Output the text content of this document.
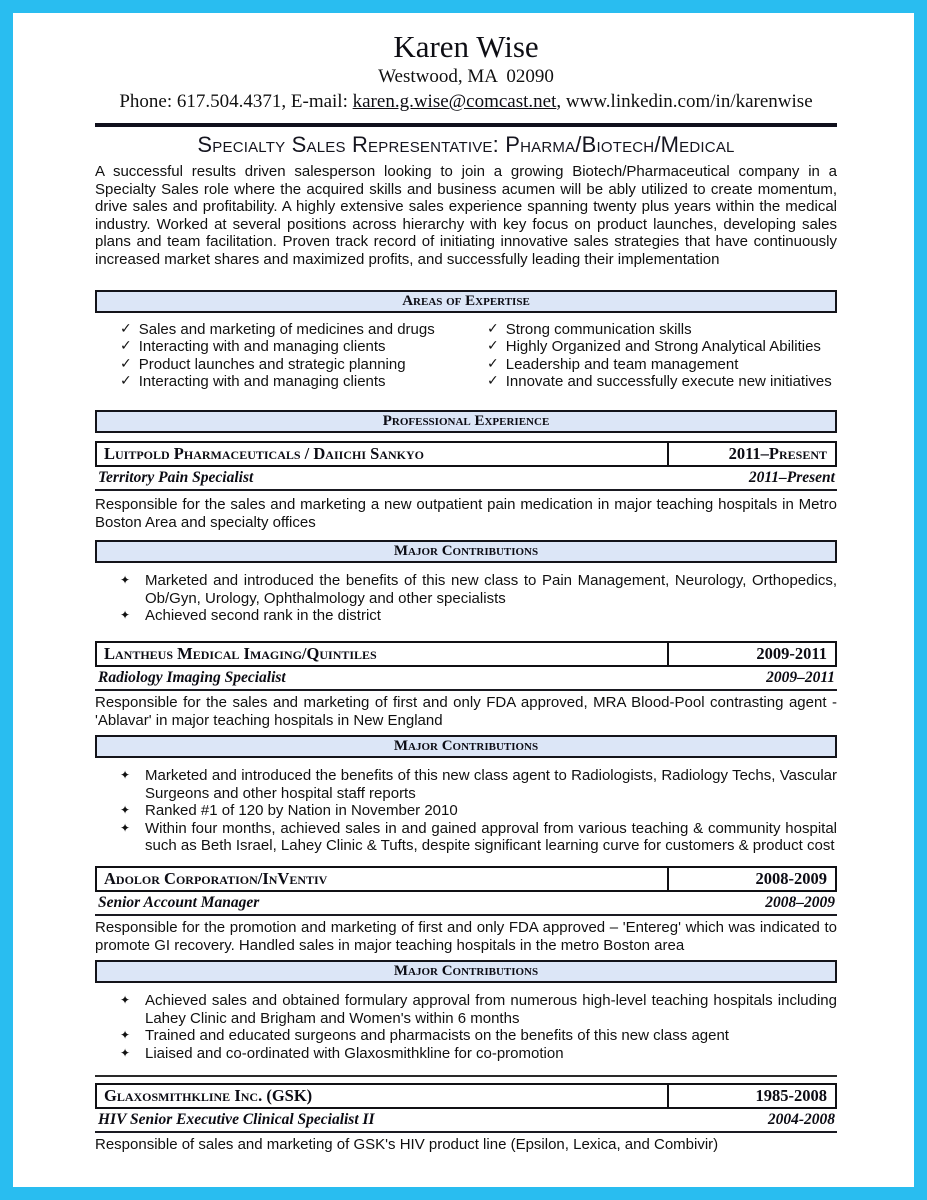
Karen Wise
Westwood, MA  02090
Phone: 617.504.4371, E-mail: karen.g.wise@comcast.net, www.linkedin.com/in/karenwise
Specialty Sales Representative: Pharma/Biotech/Medical
A successful results driven salesperson looking to join a growing Biotech/Pharmaceutical company in a Specialty Sales role where the acquired skills and business acumen will be ably utilized to create momentum, drive sales and profitability. A highly extensive sales experience spanning twenty plus years within the medical industry. Worked at several positions across hierarchy with key focus on product launches, developing sales plans and team facilitation. Proven track record of initiating innovative sales strategies that have continuously increased market shares and maximized profits, and successfully leading their implementation
Areas of Expertise
✓ Sales and marketing of medicines and drugs
✓ Interacting with and managing clients
✓ Product launches and strategic planning
✓ Interacting with and managing clients
✓ Strong communication skills
✓ Highly Organized and Strong Analytical Abilities
✓ Leadership and team management
✓ Innovate and successfully execute new initiatives
Professional Experience
Luitpold Pharmaceuticals / Daiichi Sankyo	2011–Present
Territory Pain Specialist	2011–Present
Responsible for the sales and marketing a new outpatient pain medication in major teaching hospitals in Metro Boston Area and specialty offices
Major Contributions
✦ Marketed and introduced the benefits of this new class to Pain Management, Neurology, Orthopedics, Ob/Gyn, Urology, Ophthalmology and other specialists
✦ Achieved second rank in the district
Lantheus Medical Imaging/Quintiles	2009-2011
Radiology Imaging Specialist	2009–2011
Responsible for the sales and marketing of first and only FDA approved, MRA Blood-Pool contrasting agent - 'Ablavar' in major teaching hospitals in New England
Major Contributions
✦ Marketed and introduced the benefits of this new class agent to Radiologists, Radiology Techs, Vascular Surgeons and other hospital staff reports
✦ Ranked #1 of 120 by Nation in November 2010
✦ Within four months, achieved sales in and gained approval from various teaching & community hospital such as Beth Israel, Lahey Clinic & Tufts, despite significant learning curve for customers & product cost
Adolor Corporation/InVentiv	2008-2009
Senior Account Manager	2008–2009
Responsible for the promotion and marketing of first and only FDA approved – 'Entereg' which was indicated to promote GI recovery. Handled sales in major teaching hospitals in the metro Boston area
Major Contributions
✦ Achieved sales and obtained formulary approval from numerous high-level teaching hospitals including Lahey Clinic and Brigham and Women's within 6 months
✦ Trained and educated surgeons and pharmacists on the benefits of this new class agent
✦ Liaised and co-ordinated with Glaxosmithkline for co-promotion
Glaxosmithkline Inc. (GSK)	1985-2008
HIV Senior Executive Clinical Specialist II	2004-2008
Responsible of sales and marketing of GSK's HIV product line (Epsilon, Lexica, and Combivir)
